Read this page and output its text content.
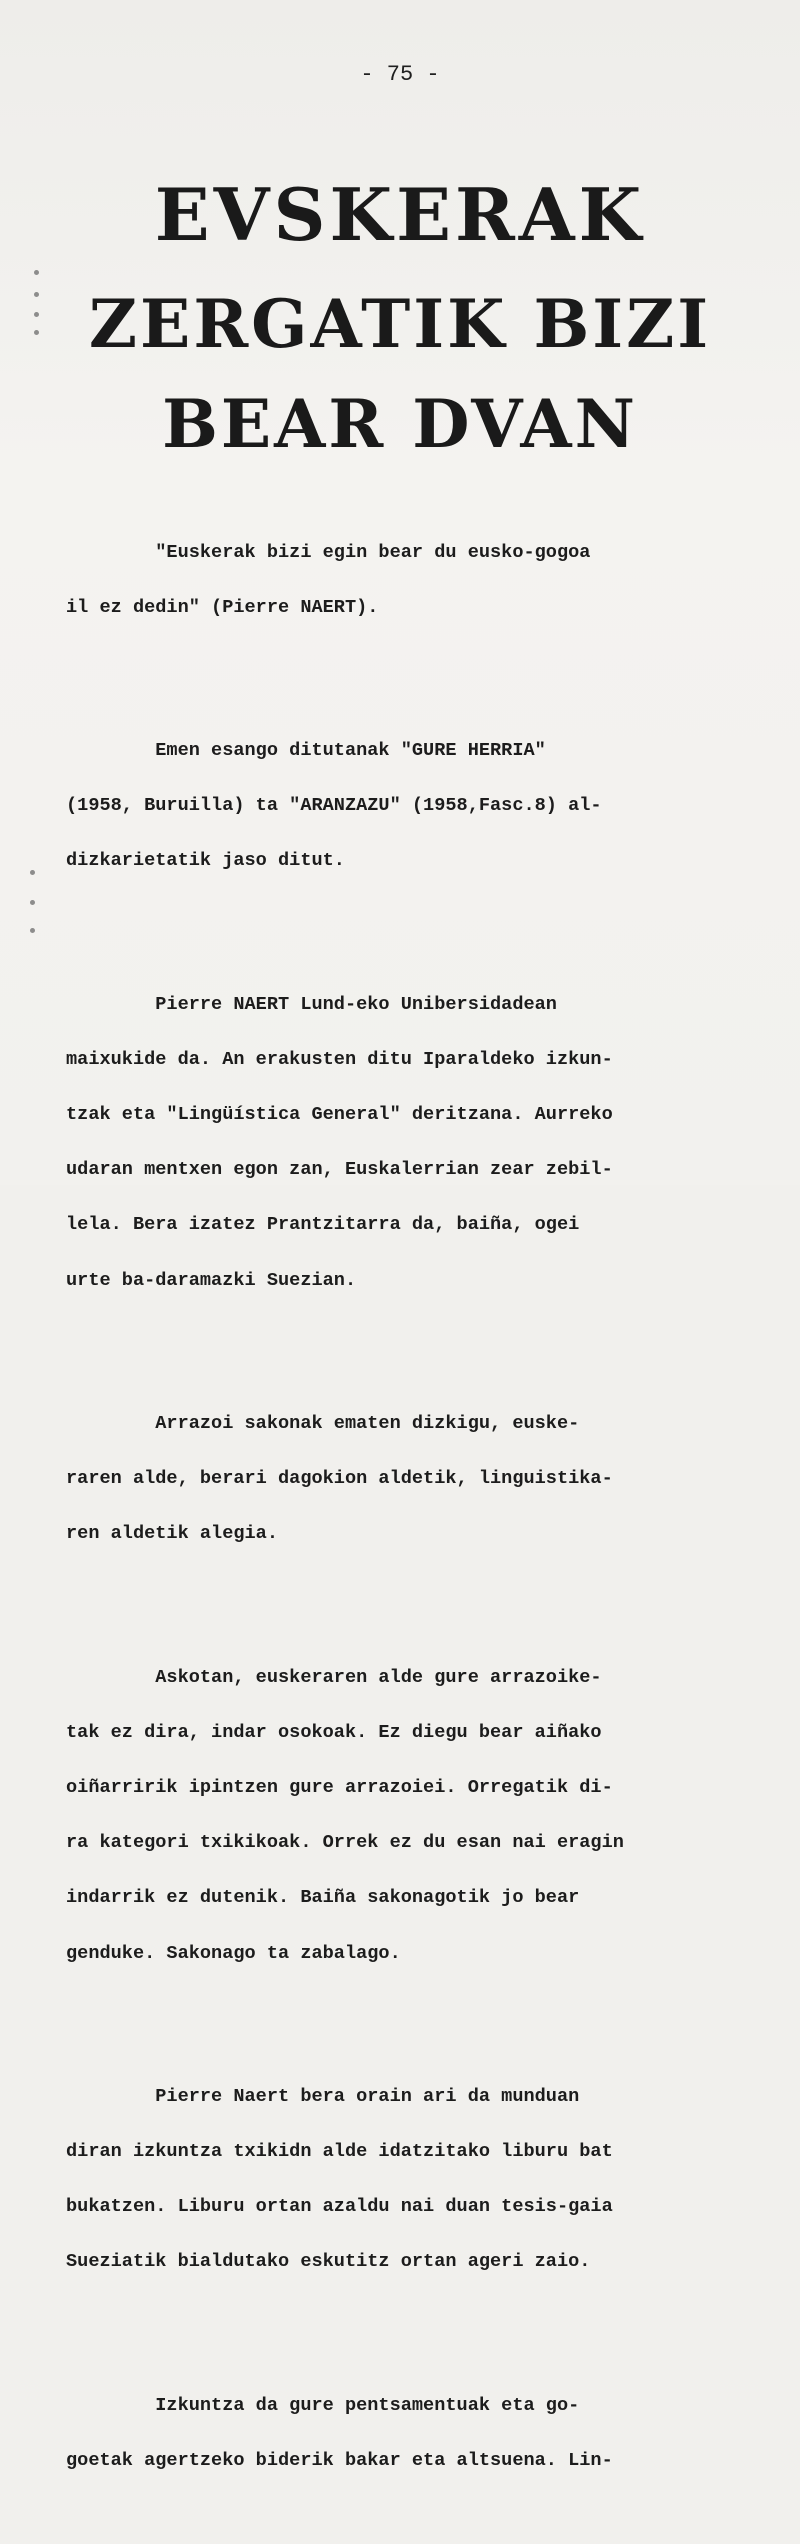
- 75 -
EVSKERAK
ZERGATIK BIZI
BEAR DVAN

"Euskerak bizi egin bear du eusko-gogoa

il ez dedin" (Pierre NAERT).

Emen esango ditutanak "GURE HERRIA"

(1958, Buruilla) ta "ARANZAZU" (1958,Fasc.8) al-

dizkarietatik jaso ditut.

Pierre NAERT Lund-eko Unibersidadean

maixukide da. An erakusten ditu Iparaldeko izkun-

tzak eta "Lingüística General" deritzana. Aurreko

udaran mentxen egon zan, Euskalerrian zear zebil-

lela. Bera izatez Prantzitarra da, baiña, ogei

urte ba-daramazki Suezian.

Arrazoi sakonak ematen dizkigu, euske-

raren alde, berari dagokion aldetik, linguistika-

ren aldetik alegia.

Askotan, euskeraren alde gure arrazoike-

tak ez dira, indar osokoak. Ez diegu bear aiñako

oiñarririk ipintzen gure arrazoiei. Orregatik di-

ra kategori txikikoak. Orrek ez du esan nai eragin

indarrik ez dutenik. Baiña sakonagotik jo bear

genduke. Sakonago ta zabalago.

Pierre Naert bera orain ari da munduan

diran izkuntza txikidn alde idatzitako liburu bat

bukatzen. Liburu ortan azaldu nai duan tesis-gaia

Sueziatik bialdutako eskutitz ortan ageri zaio.

Izkuntza da gure pentsamentuak eta go-

goetak agertzeko biderik bakar eta altsuena. Lin-
